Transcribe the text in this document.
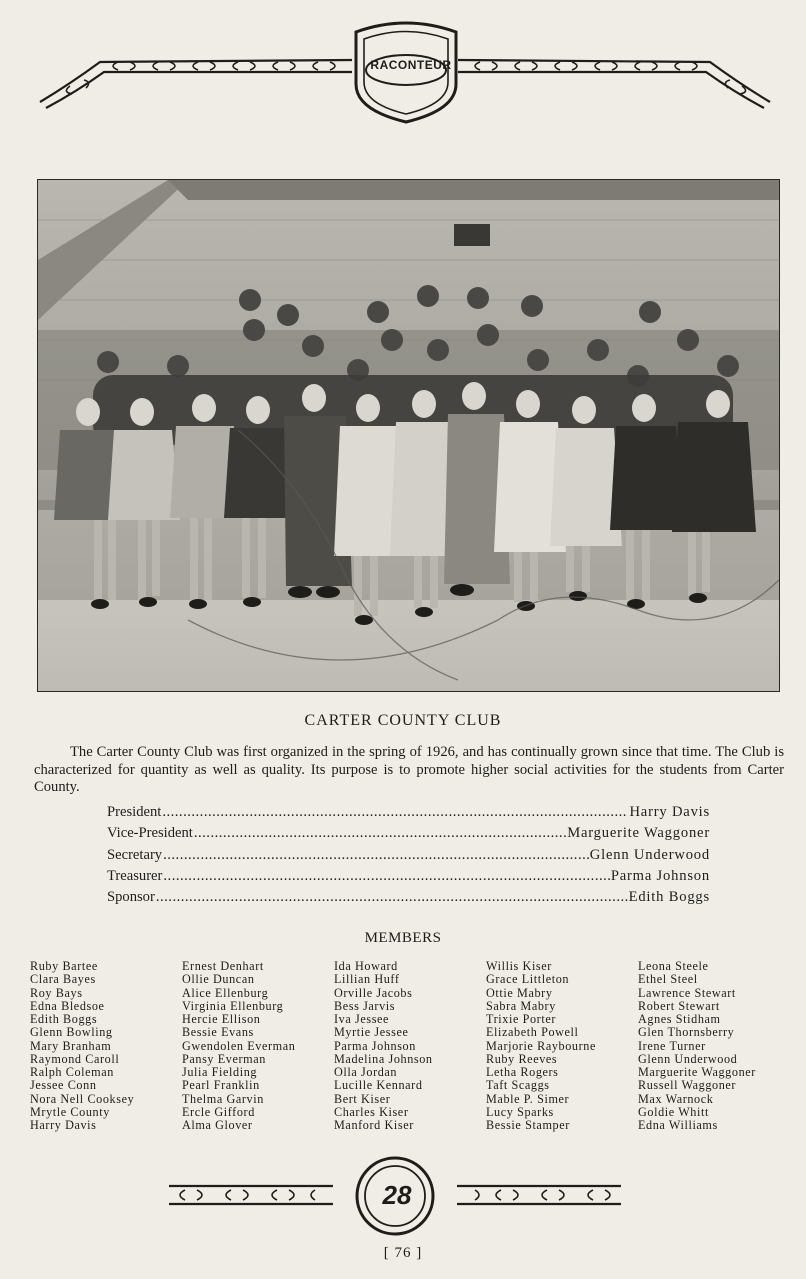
RACONTEUR
CARTER COUNTY CLUB
The Carter County Club was first organized in the spring of 1926, and has continually grown since that time. The Club is characterized for quantity as well as quality. Its purpose is to promote higher social activities for the students from Carter County.
President .....	Harry Davis
Vice-President .....	Marguerite Waggoner
Secretary .....	Glenn Underwood
Treasurer .....	Parma Johnson
Sponsor .....	Edith Boggs
MEMBERS
Ruby Bartee
Clara Bayes
Roy Bays
Edna Bledsoe
Edith Boggs
Glenn Bowling
Mary Branham
Raymond Caroll
Ralph Coleman
Jessee Conn
Nora Nell Cooksey
Mrytle County
Harry Davis
Ernest Denhart
Ollie Duncan
Alice Ellenburg
Virginia Ellenburg
Hercie Ellison
Bessie Evans
Gwendolen Everman
Pansy Everman
Julia Fielding
Pearl Franklin
Thelma Garvin
Ercle Gifford
Alma Glover
Ida Howard
Lillian Huff
Orville Jacobs
Bess Jarvis
Iva Jessee
Myrtie Jessee
Parma Johnson
Madelina Johnson
Olla Jordan
Lucille Kennard
Bert Kiser
Charles Kiser
Manford Kiser
Willis Kiser
Grace Littleton
Ottie Mabry
Sabra Mabry
Trixie Porter
Elizabeth Powell
Marjorie Raybourne
Ruby Reeves
Letha Rogers
Taft Scaggs
Mable P. Simer
Lucy Sparks
Bessie Stamper
Leona Steele
Ethel Steel
Lawrence Stewart
Robert Stewart
Agnes Stidham
Glen Thornsberry
Irene Turner
Glenn Underwood
Marguerite Waggoner
Russell Waggoner
Max Warnock
Goldie Whitt
Edna Williams
28
[ 76 ]
